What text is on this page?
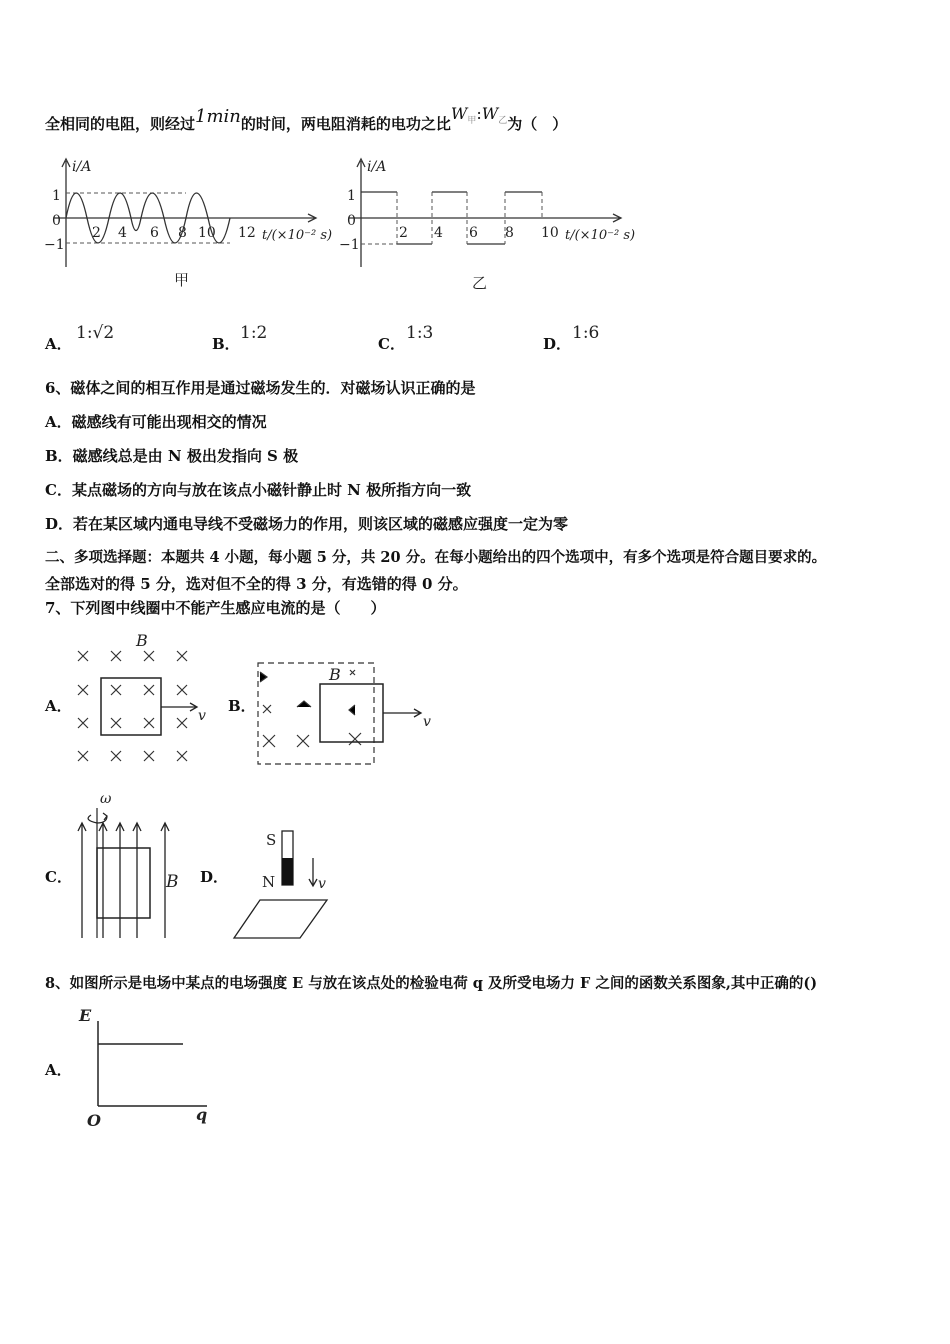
全相同的电阻，则经过1min的时间，两电阻消耗的电功之比$W_甲:W_乙$为（　）
i/A
1
0
−1
2 4 6 8 10 12 t/(×10⁻² s)
甲
i/A
1
0
−1
2 4 6 8 10 t/(×10⁻² s)
乙
A．
1:√2
B．
1:2
C．
1:3
D．
1:6
6、磁体之间的相互作用是通过磁场发生的．对磁场认识正确的是
A．磁感线有可能出现相交的情况
B．磁感线总是由 N 极出发指向 S 极
C．某点磁场的方向与放在该点小磁针静止时 N 极所指方向一致
D．若在某区域内通电导线不受磁场力的作用，则该区域的磁感应强度一定为零
二、多项选择题：本题共 4 小题，每小题 5 分，共 20 分。在每小题给出的四个选项中，有多个选项是符合题目要求的。
全部选对的得 5 分，选对但不全的得 3 分，有选错的得 0 分。
7、下列图中线圈中不能产生感应电流的是（　　）
A．
B
v
B．
B
v
C．
ω
B D．
S
N	v
8、如图所示是电场中某点的电场强度 E 与放在该点处的检验电荷 q 及所受电场力 F 之间的函数关系图象,其中正确的()
A．
E
O	q
